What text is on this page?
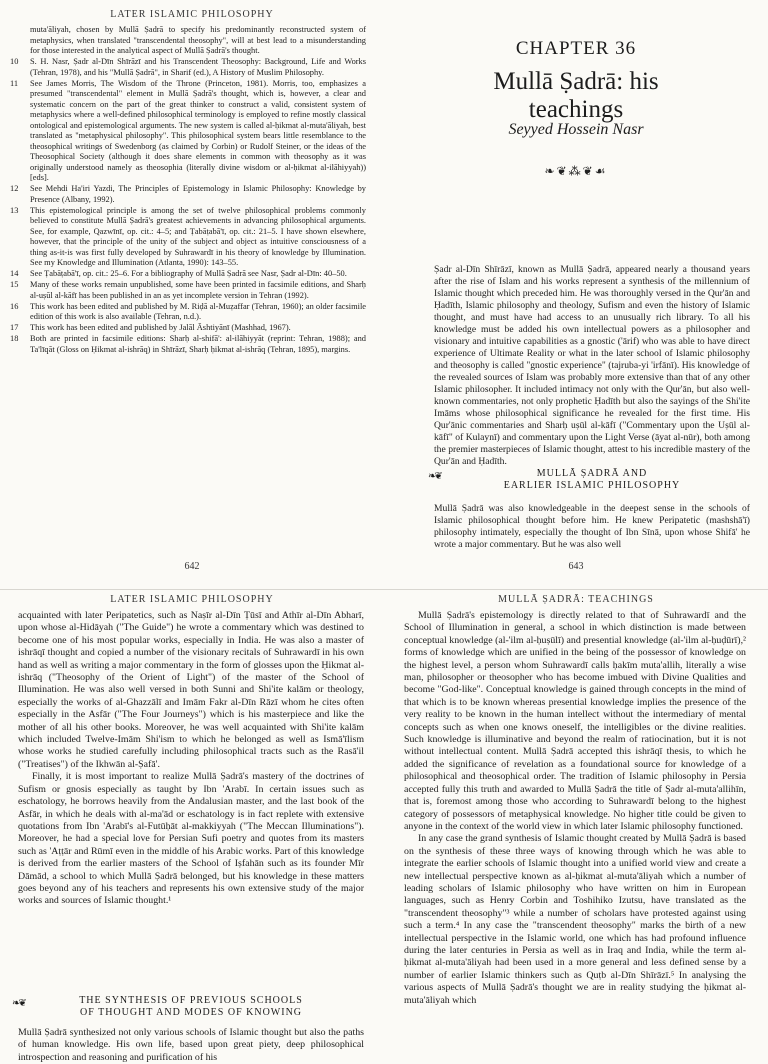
LATER ISLAMIC PHILOSOPHY
muta'āliyah, chosen by Mullā Ṣadrā to specify his predominantly reconstructed system of metaphysics, when translated "transcendental theosophy", will at best lead to a misunderstanding for those interested in the analytical aspect of Mullā Ṣadrā's thought.
10	S. H. Nasr, Ṣadr al-Dīn Shīrāzī and his Transcendent Theosophy: Background, Life and Works (Tehran, 1978), and his "Mullā Ṣadrā", in Sharif (ed.), A History of Muslim Philosophy.
11	See James Morris, The Wisdom of the Throne (Princeton, 1981). Morris, too, emphasizes a presumed "transcendental" element in Mullā Ṣadrā's thought, which is, however, a clear and systematic concern on the part of the great thinker to construct a valid, consistent system of metaphysics where a well-defined philosophical terminology is employed to refine mostly classical ontological and epistemological arguments. The new system is called al-ḥikmat al-muta'āliyah, best translated as "metaphysical philosophy". This philosophical system bears little resemblance to the theosophical writings of Swedenborg (as claimed by Corbin) or Rudolf Steiner, or the ideas of the Theosophical Society (although it does share elements in common with theosophy as it was originally understood namely as theosophia (literally divine wisdom or al-ḥikmat al-ilāhiyyah)) [eds].
12	See Mehdi Ha'iri Yazdi, The Principles of Epistemology in Islamic Philosophy: Knowledge by Presence (Albany, 1992).
13	This epistemological principle is among the set of twelve philosophical problems commonly believed to constitute Mullā Ṣadrā's greatest achievements in advancing philosophical arguments. See, for example, Qazwīnī, op. cit.: 4–5; and Ṭabāṭabā'ī, op. cit.: 21–5. I have shown elsewhere, however, that the principle of the unity of the subject and object as intuitive consciousness of a thing as-it-is was first fully developed by Suhrawardī in his theory of knowledge by Illumination. See my Knowledge and Illumination (Atlanta, 1990): 143–55.
14	See Ṭabāṭabā'ī, op. cit.: 25–6. For a bibliography of Mullā Ṣadrā see Nasr, Ṣadr al-Dīn: 40–50.
15	Many of these works remain unpublished, some have been printed in facsimile editions, and Sharḥ al-uṣūl al-kāfī has been published in an as yet incomplete version in Tehran (1992).
16	This work has been edited and published by M. Riḍā al-Muẓaffar (Tehran, 1960); an older facsimile edition of this work is also available (Tehran, n.d.).
17	This work has been edited and published by Jalāl Āshtiyānī (Mashhad, 1967).
18	Both are printed in facsimile editions: Sharḥ al-shifā': al-ilāhiyyāt (reprint: Tehran, 1988); and Ta'līqāt (Gloss on Ḥikmat al-ishrāq) in Shīrāzī, Sharḥ ḥikmat al-ishrāq (Tehran, 1895), margins.
642
CHAPTER 36
Mullā Ṣadrā: his
teachings
Seyyed Hossein Nasr
❧❦⁂❦☙

Ṣadr al-Dīn Shīrāzī, known as Mullā Ṣadrā, appeared nearly a thousand years after the rise of Islam and his works represent a synthesis of the millennium of Islamic thought which preceded him. He was thoroughly versed in the Qur'ān and Ḥadīth, Islamic philosophy and theology, Sufism and even the history of Islamic thought, and must have had access to an unusually rich library. To all his knowledge must be added his own intellectual powers as a philosopher and visionary and intuitive capabilities as a gnostic ('ārif) who was able to have direct experience of Ultimate Reality or what in the later school of Islamic philosophy and theosophy is called "gnostic experience" (tajruba-yi 'irfānī). His knowledge of the revealed sources of Islam was probably more extensive than that of any other Islamic philosopher. It included intimacy not only with the Qur'ān, but also well-known commentaries, not only prophetic Ḥadīth but also the sayings of the Shi'ite Imāms whose philosophical significance he revealed for the first time. His Qur'ānic commentaries and Sharḥ uṣūl al-kāfī ("Commentary upon the Uṣūl al-kāfī" of Kulaynī) and commentary upon the Light Verse (āyat al-nūr), both among the premier masterpieces of Islamic thought, attest to his incredible mastery of the Qur'ān and Ḥadīth.

❧❦	MULLĀ ṢADRĀ AND
EARLIER ISLAMIC PHILOSOPHY

Mullā Ṣadrā was also knowledgeable in the deepest sense in the schools of Islamic philosophical thought before him. He knew Peripatetic (mashshā'ī) philosophy intimately, especially the thought of Ibn Sīnā, upon whose Shifā' he wrote a major commentary. But he was also well

643
LATER ISLAMIC PHILOSOPHY

acquainted with later Peripatetics, such as Naṣīr al-Dīn Ṭūsī and Athīr al-Dīn Abharī, upon whose al-Hidāyah ("The Guide") he wrote a commentary which was destined to become one of his most popular works, especially in India. He was also a master of ishrāqī thought and copied a number of the visionary recitals of Suhrawardī in his own hand as well as writing a major commentary in the form of glosses upon the Ḥikmat al-ishrāq ("Theosophy of the Orient of Light") of the master of the School of Illumination. He was also well versed in both Sunni and Shi'ite kalām or theology, especially the works of al-Ghazzālī and Imām Fakr al-Dīn Rāzī whom he cites often especially in the Asfār ("The Four Journeys") which is his masterpiece and like the mother of all his other books. Moreover, he was well acquainted with Shi'ite kalām which included Twelve-Imām Shi'ism to which he belonged as well as Ismā'īlism whose works he studied carefully including philosophical tracts such as the Rasā'il ("Treatises") of the Ikhwān al-Ṣafā'.

Finally, it is most important to realize Mullā Ṣadrā's mastery of the doctrines of Sufism or gnosis especially as taught by Ibn 'Arabī. In certain issues such as eschatology, he borrows heavily from the Andalusian master, and the last book of the Asfār, in which he deals with al-ma'ād or eschatology is in fact replete with extensive quotations from Ibn 'Arabī's al-Futūḥāt al-makkiyyah ("The Meccan Illuminations"). Moreover, he had a special love for Persian Sufi poetry and quotes from its masters such as 'Aṭṭār and Rūmī even in the middle of his Arabic works. Part of this knowledge is derived from the earlier masters of the School of Iṣfahān such as its founder Mīr Dāmād, a school to which Mullā Ṣadrā belonged, but his knowledge in these matters goes beyond any of his teachers and represents his own extensive study of the major works and sources of Islamic thought.¹

❧❦	THE SYNTHESIS OF PREVIOUS SCHOOLS
OF THOUGHT AND MODES OF KNOWING

Mullā Ṣadrā synthesized not only various schools of Islamic thought but also the paths of human knowledge. His own life, based upon great piety, deep philosophical introspection and reasoning and purification of his

MULLĀ ṢADRĀ: TEACHINGS

Mullā Ṣadrā's epistemology is directly related to that of Suhrawardī and the School of Illumination in general, a school in which distinction is made between conceptual knowledge (al-'ilm al-ḥuṣūlī) and presential knowledge (al-'ilm al-ḥuḍūrī),² forms of knowledge which are unified in the being of the possessor of knowledge on the highest level, a person whom Suhrawardī calls ḥakīm muta'allih, literally a wise man, philosopher or theosopher who has become imbued with Divine Qualities and become "God-like". Conceptual knowledge is gained through concepts in the mind of that which is to be known whereas presential knowledge implies the presence of the very reality to be known in the human intellect without the intermediary of mental concepts such as when one knows oneself, the intelligibles or the divine realities. Such knowledge is illuminative and beyond the realm of ratiocination, but it is not without intellectual content. Mullā Ṣadrā accepted this ishrāqī thesis, to which he added the significance of revelation as a foundational source for knowledge of a philosophical and theosophical order. The tradition of Islamic philosophy in Persia accepted fully this truth and awarded to Mullā Ṣadrā the title of Ṣadr al-muta'allihīn, that is, foremost among those who according to Suhrawardī belong to the highest category of possessors of metaphysical knowledge. No higher title could be given to anyone in the context of the world view in which later Islamic philosophy functioned.

In any case the grand synthesis of Islamic thought created by Mullā Ṣadrā is based on the synthesis of these three ways of knowing through which he was able to integrate the earlier schools of Islamic thought into a unified world view and create a new intellectual perspective known as al-ḥikmat al-muta'āliyah which a number of leading scholars of Islamic philosophy who have written on him in European languages, such as Henry Corbin and Toshihiko Izutsu, have translated as the "transcendent theosophy"³ while a number of scholars have protested against using such a term.⁴ In any case the "transcendent theosophy" marks the birth of a new intellectual perspective in the Islamic world, one which has had profound influence during the later centuries in Persia as well as in Iraq and India, while the term al-ḥikmat al-muta'āliyah had been used in a more general and less defined sense by a number of earlier Islamic thinkers such as Quṭb al-Dīn Shīrāzī.⁵ In analysing the various aspects of Mullā Ṣadrā's thought we are in reality studying the ḥikmat al-muta'āliyah which
